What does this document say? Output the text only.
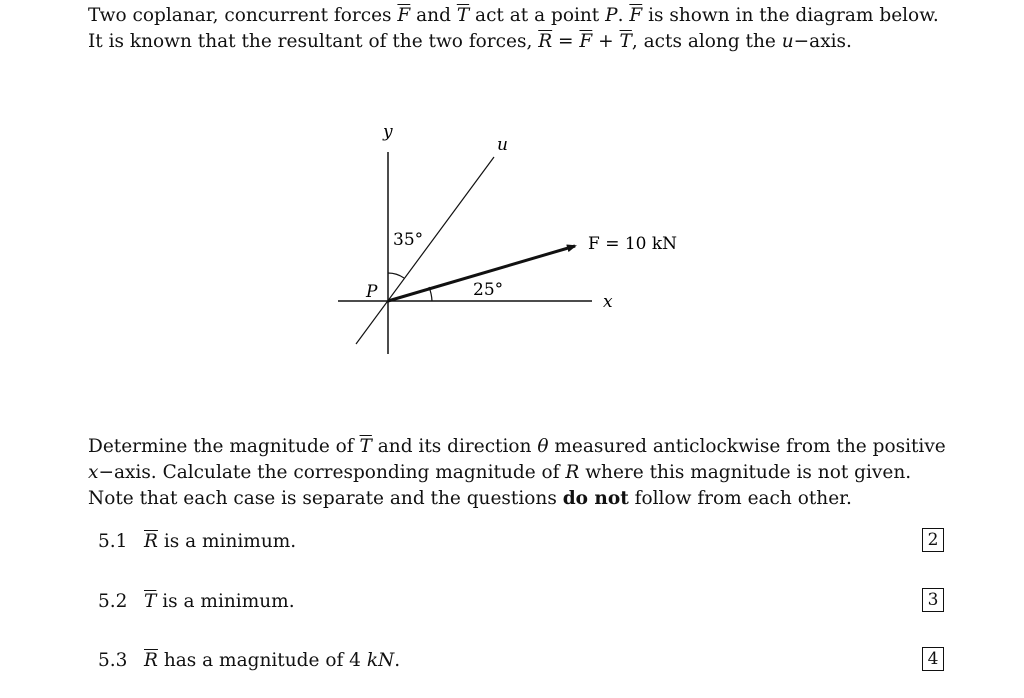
Two coplanar, concurrent forces $\overline{F}$ and $\overline{T}$ act at a point P. $\overline{F}$ is shown in the diagram below.
It is known that the resultant of the two forces, $\overline{R} = \overline{F} + \overline{T}$, acts along the u−axis.

y
u
x
P
35°
25°
F = 10 kN

Determine the magnitude of $\overline{T}$ and its direction θ measured anticlockwise from the positive
x−axis. Calculate the corresponding magnitude of R where this magnitude is not given. Note that each case is separate and the questions do not follow from each other.

5.1 $\overline{R}$ is a minimum.	2
5.2 $\overline{T}$ is a minimum.	3
5.3 $\overline{R}$ has a magnitude of 4 kN.	4
